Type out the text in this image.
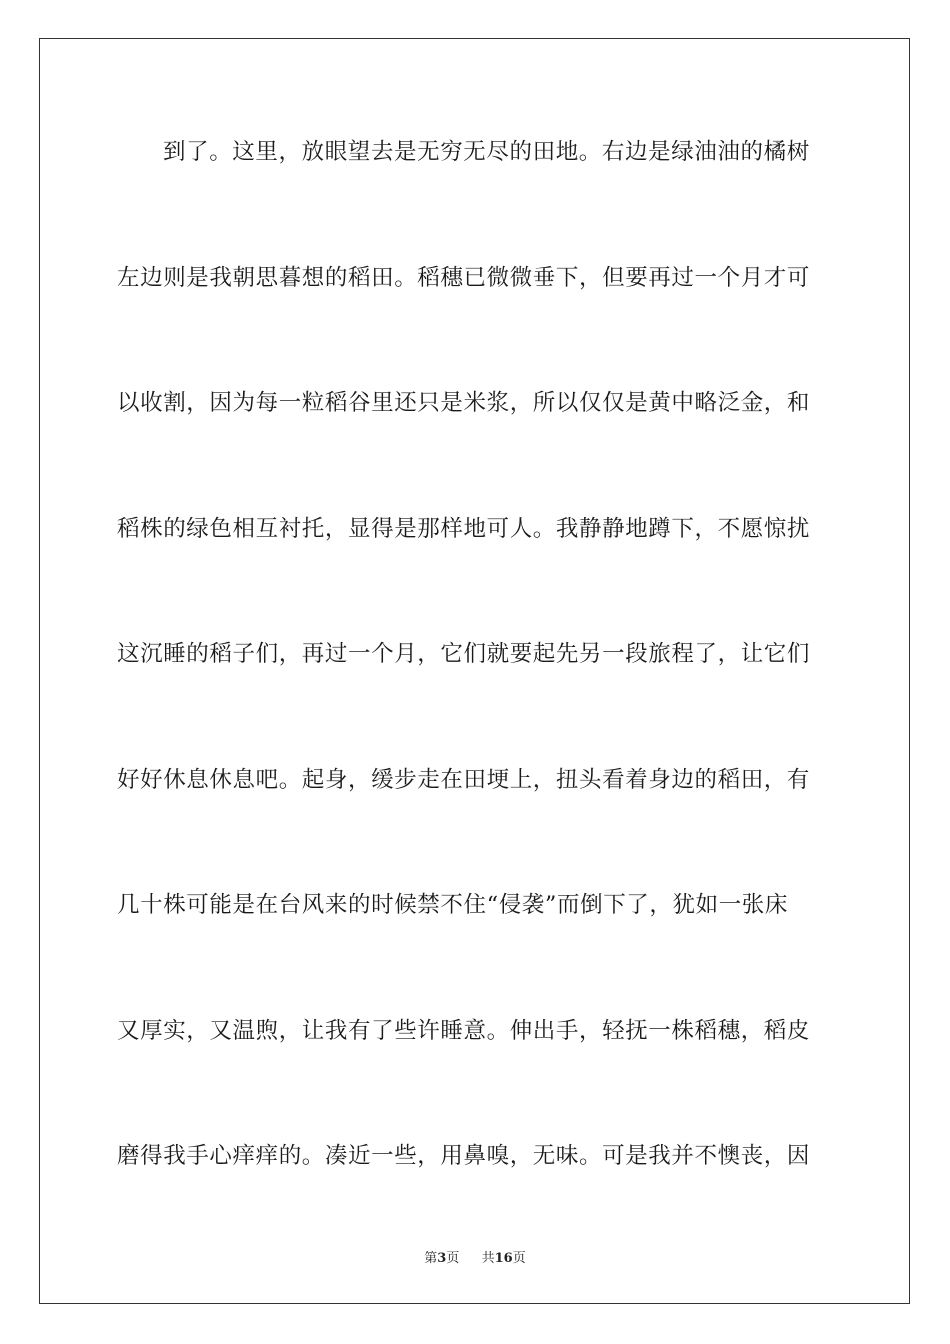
到了。这里，放眼望去是无穷无尽的田地。右边是绿油油的橘树
左边则是我朝思暮想的稻田。稻穗已微微垂下，但要再过一个月才可
以收割，因为每一粒稻谷里还只是米浆，所以仅仅是黄中略泛金，和
稻株的绿色相互衬托，显得是那样地可人。我静静地蹲下，不愿惊扰
这沉睡的稻子们，再过一个月，它们就要起先另一段旅程了，让它们
好好休息休息吧。起身，缓步走在田埂上，扭头看着身边的稻田，有
几十株可能是在台风来的时候禁不住“侵袭”而倒下了，犹如一张床
又厚实，又温煦，让我有了些许睡意。伸出手，轻抚一株稻穗，稻皮
磨得我手心痒痒的。凑近一些，用鼻嗅，无味。可是我并不懊丧，因
第3页 共16页
